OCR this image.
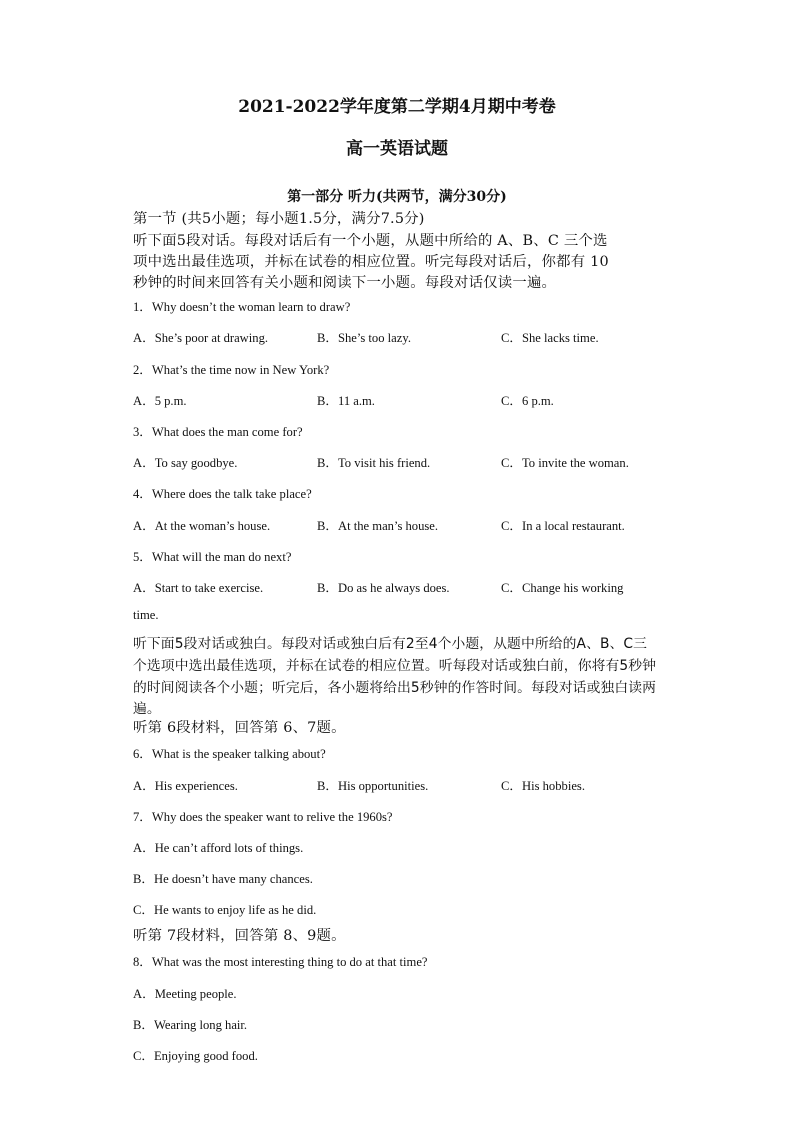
2021-2022学年度第二学期4月期中考卷
高一英语试题
第一部分 听力(共两节，满分30分)
第一节 (共5小题；每小题1.5分，满分7.5分)
听下面5段对话。每段对话后有一个小题，从题中所给的 A、B、C 三个选
项中选出最佳选项，并标在试卷的相应位置。听完每段对话后，你都有 10
秒钟的时间来回答有关小题和阅读下一小题。每段对话仅读一遍。
1．Why doesn’t the woman learn to draw?
A．She’s poor at drawing.	B．She’s too lazy.	C．She lacks time.
2．What’s the time now in New York?
A．5 p.m.	B．11 a.m.	C．6 p.m.
3．What does the man come for?
A．To say goodbye.	B．To visit his friend.	C．To invite the woman.
4．Where does the talk take place?
A．At the woman’s house.	B．At the man’s house.	C．In a local restaurant.
5．What will the man do next?
A．Start to take exercise.	B．Do as he always does.	C．Change his working
time.
听下面5段对话或独白。每段对话或独白后有2至4个小题，从题中所给的A、B、C三
个选项中选出最佳选项，并标在试卷的相应位置。听每段对话或独白前，你将有5秒钟
的时间阅读各个小题；听完后，各小题将给出5秒钟的作答时间。每段对话或独白读两
遍。
听第 6段材料，回答第 6、7题。
6．What is the speaker talking about?
A．His experiences.	B．His opportunities.	C．His hobbies.
7．Why does the speaker want to relive the 1960s?
A．He can’t afford lots of things.
B．He doesn’t have many chances.
C．He wants to enjoy life as he did.
听第 7段材料，回答第 8、9题。
8．What was the most interesting thing to do at that time?
A．Meeting people.
B．Wearing long hair.
C．Enjoying good food.
